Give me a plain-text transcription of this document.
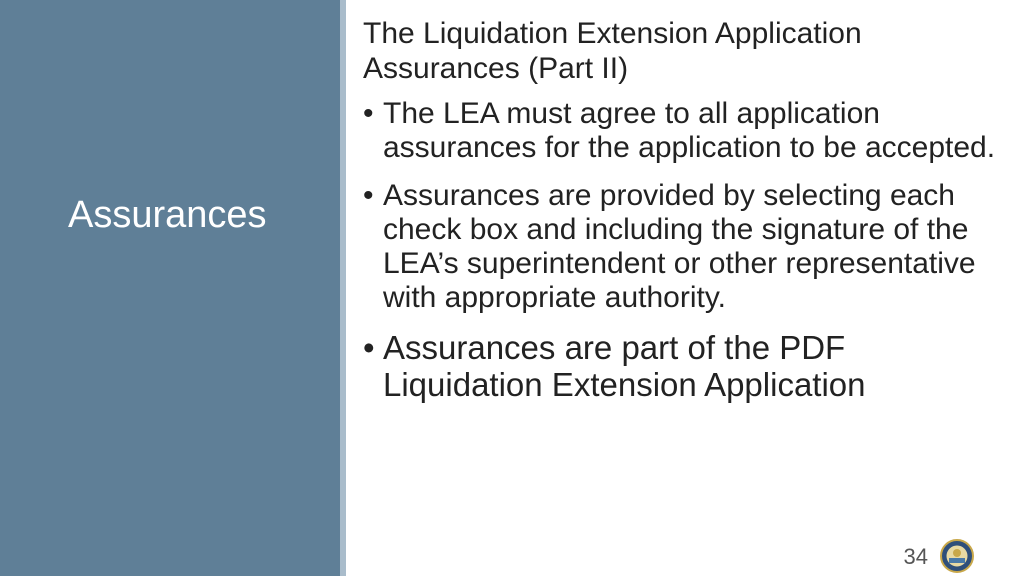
Assurances
The Liquidation Extension Application Assurances (Part II)
• The LEA must agree to all application assurances for the application to be accepted.
• Assurances are provided by selecting each check box and including the signature of the LEA’s superintendent or other representative with appropriate authority.
• Assurances are part of the PDF Liquidation Extension Application
34
